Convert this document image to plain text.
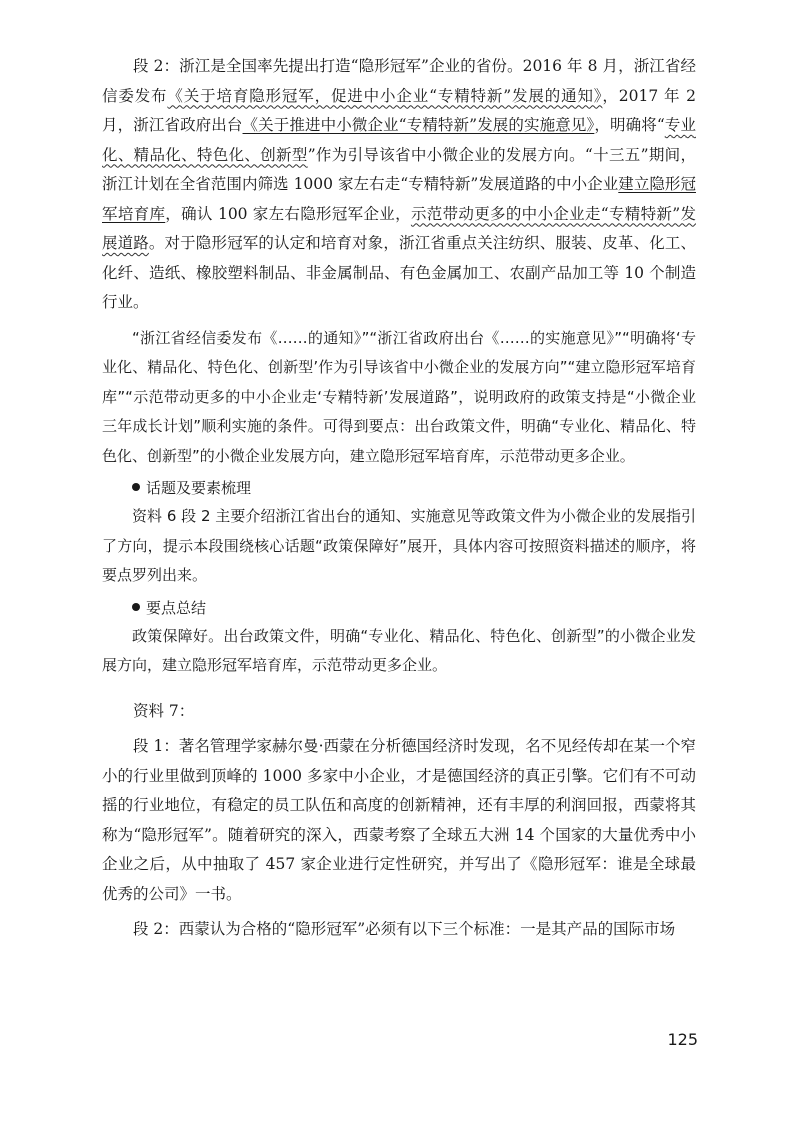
段 2：浙江是全国率先提出打造“隐形冠军”企业的省份。2016 年 8 月，浙江省经信委发布《关于培育隐形冠军，促进中小企业“专精特新”发展的通知》，2017 年 2 月，浙江省政府出台《关于推进中小微企业“专精特新”发展的实施意见》，明确将“专业化、精品化、特色化、创新型”作为引导该省中小微企业的发展方向。“十三五”期间，浙江计划在全省范围内筛选 1000 家左右走“专精特新”发展道路的中小企业建立隐形冠军培育库，确认 100 家左右隐形冠军企业，示范带动更多的中小企业走“专精特新”发展道路。对于隐形冠军的认定和培育对象，浙江省重点关注纺织、服装、皮革、化工、化纤、造纸、橡胶塑料制品、非金属制品、有色金属加工、农副产品加工等 10 个制造行业。

“浙江省经信委发布《……的通知》”“浙江省政府出台《……的实施意见》”“明确将‘专业化、精品化、特色化、创新型’作为引导该省中小微企业的发展方向”“建立隐形冠军培育库”“示范带动更多的中小企业走‘专精特新’发展道路”，说明政府的政策支持是“小微企业三年成长计划”顺利实施的条件。可得到要点：出台政策文件，明确“专业化、精品化、特色化、创新型”的小微企业发展方向，建立隐形冠军培育库，示范带动更多企业。

话题及要素梳理

资料 6 段 2 主要介绍浙江省出台的通知、实施意见等政策文件为小微企业的发展指引了方向，提示本段围绕核心话题“政策保障好”展开，具体内容可按照资料描述的顺序，将要点罗列出来。

要点总结

政策保障好。出台政策文件，明确“专业化、精品化、特色化、创新型”的小微企业发展方向，建立隐形冠军培育库，示范带动更多企业。

资料 7：

段 1：著名管理学家赫尔曼·西蒙在分析德国经济时发现，名不见经传却在某一个窄小的行业里做到顶峰的 1000 多家中小企业，才是德国经济的真正引擎。它们有不可动摇的行业地位，有稳定的员工队伍和高度的创新精神，还有丰厚的利润回报，西蒙将其称为“隐形冠军”。随着研究的深入，西蒙考察了全球五大洲 14 个国家的大量优秀中小企业之后，从中抽取了 457 家企业进行定性研究，并写出了《隐形冠军：谁是全球最优秀的公司》一书。

段 2：西蒙认为合格的“隐形冠军”必须有以下三个标准：一是其产品的国际市场

125
